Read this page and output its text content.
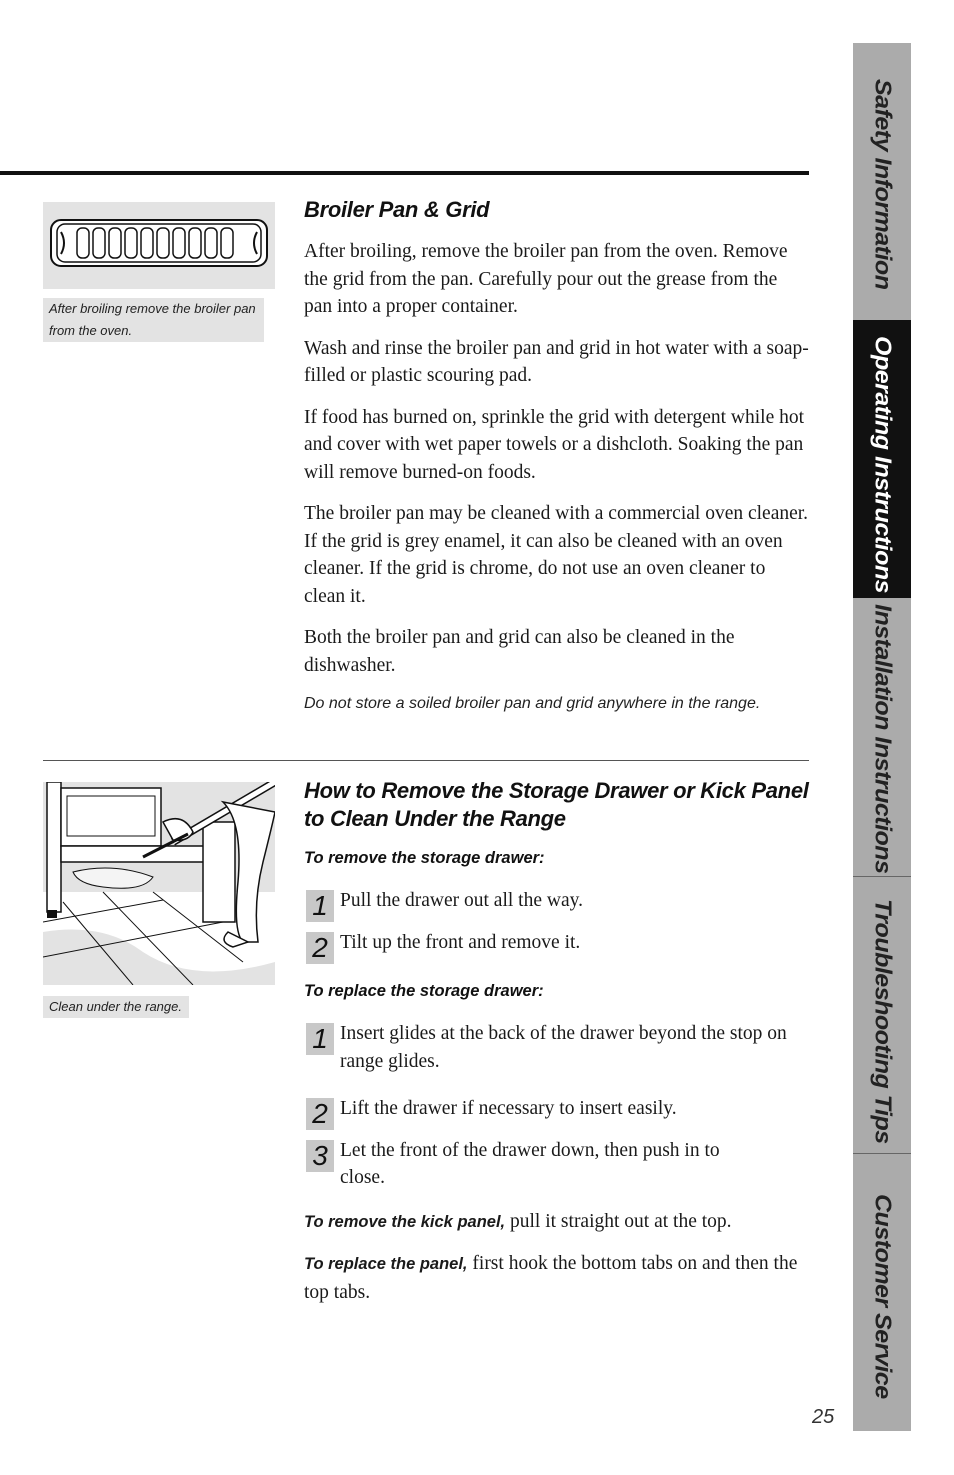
After broiling remove the broiler pan from the oven.
Broiler Pan & Grid

After broiling, remove the broiler pan from the oven. Remove the grid from the pan. Carefully pour out the grease from the pan into a proper container.

Wash and rinse the broiler pan and grid in hot water with a soap-filled or plastic scouring pad.

If food has burned on, sprinkle the grid with detergent while hot and cover with wet paper towels or a dishcloth. Soaking the pan will remove burned-on foods.

The broiler pan may be cleaned with a commercial oven cleaner. If the grid is grey enamel, it can also be cleaned with an oven cleaner. If the grid is chrome, do not use an oven cleaner to clean it.

Both the broiler pan and grid can also be cleaned in the dishwasher.

Do not store a soiled broiler pan and grid anywhere in the range.

Clean under the range.
How to Remove the Storage Drawer or Kick Panel to Clean Under the Range
To remove the storage drawer:
1 Pull the drawer out all the way.
2 Tilt up the front and remove it.
To replace the storage drawer:
1 Insert glides at the back of the drawer beyond the stop on range glides.
2 Lift the drawer if necessary to insert easily.
3 Let the front of the drawer down, then push in to close.

To remove the kick panel, pull it straight out at the top.

To replace the panel, first hook the bottom tabs on and then the top tabs.

Safety Information
Operating Instructions
Installation Instructions
Troubleshooting Tips
Customer Service
25
